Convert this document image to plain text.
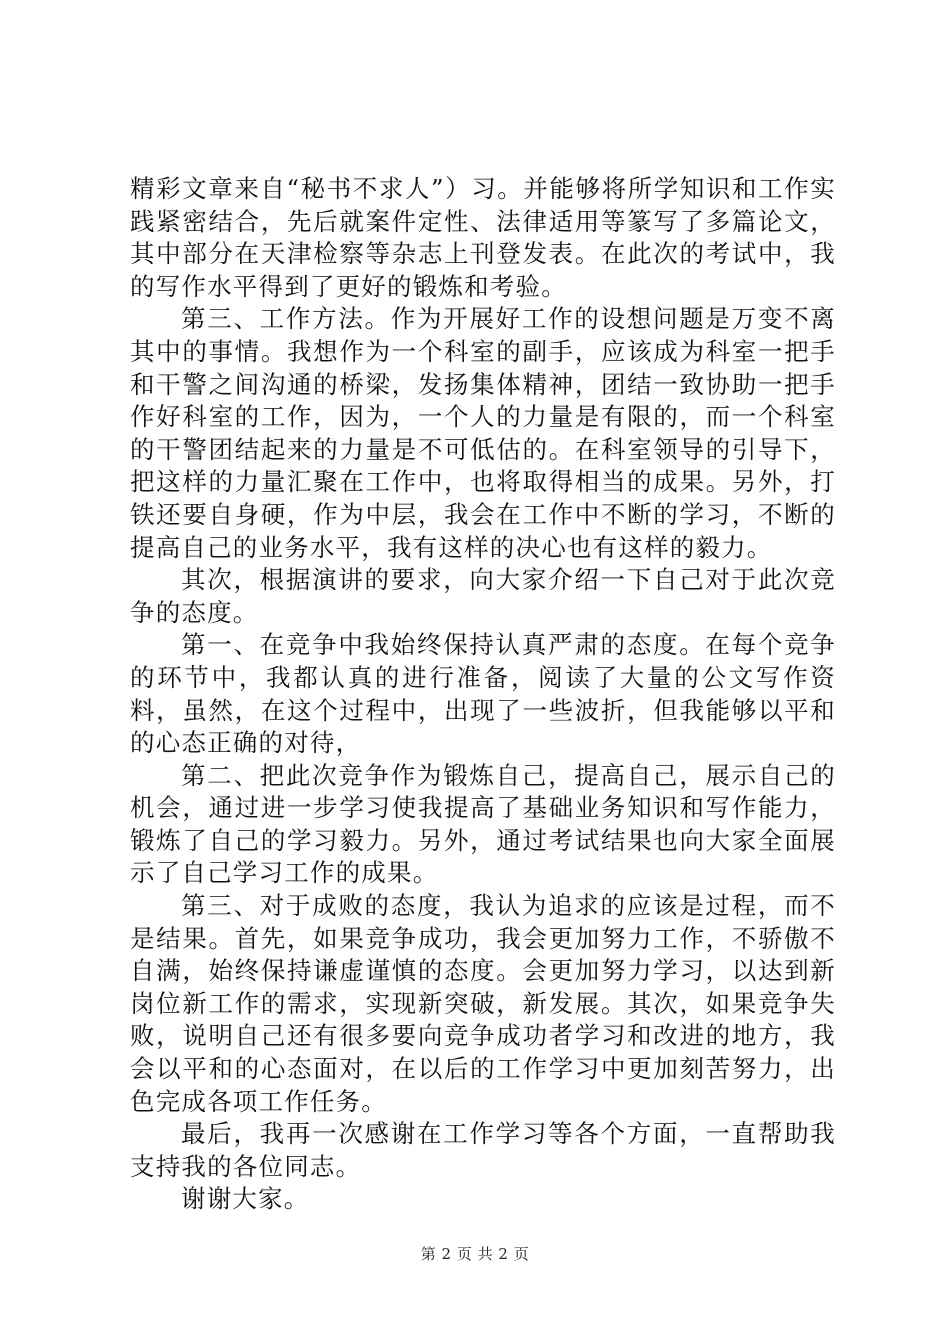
精彩文章来自“秘书不求人”）习。并能够将所学知识和工作实践紧密结合，先后就案件定性、法律适用等篆写了多篇论文，其中部分在天津检察等杂志上刊登发表。在此次的考试中，我的写作水平得到了更好的锻炼和考验。

第三、工作方法。作为开展好工作的设想问题是万变不离其中的事情。我想作为一个科室的副手，应该成为科室一把手和干警之间沟通的桥梁，发扬集体精神，团结一致协助一把手作好科室的工作，因为，一个人的力量是有限的，而一个科室的干警团结起来的力量是不可低估的。在科室领导的引导下，把这样的力量汇聚在工作中，也将取得相当的成果。另外，打铁还要自身硬，作为中层，我会在工作中不断的学习，不断的提高自己的业务水平，我有这样的决心也有这样的毅力。

其次，根据演讲的要求，向大家介绍一下自己对于此次竞争的态度。

第一、在竞争中我始终保持认真严肃的态度。在每个竞争的环节中，我都认真的进行准备，阅读了大量的公文写作资料，虽然，在这个过程中，出现了一些波折，但我能够以平和的心态正确的对待，

第二、把此次竞争作为锻炼自己，提高自己，展示自己的机会，通过进一步学习使我提高了基础业务知识和写作能力，锻炼了自己的学习毅力。另外，通过考试结果也向大家全面展示了自己学习工作的成果。

第三、对于成败的态度，我认为追求的应该是过程，而不是结果。首先，如果竞争成功，我会更加努力工作，不骄傲不自满，始终保持谦虚谨慎的态度。会更加努力学习，以达到新岗位新工作的需求，实现新突破，新发展。其次，如果竞争失败，说明自己还有很多要向竞争成功者学习和改进的地方，我会以平和的心态面对，在以后的工作学习中更加刻苦努力，出色完成各项工作任务。

最后，我再一次感谢在工作学习等各个方面，一直帮助我支持我的各位同志。

谢谢大家。

第 2 页 共 2 页
